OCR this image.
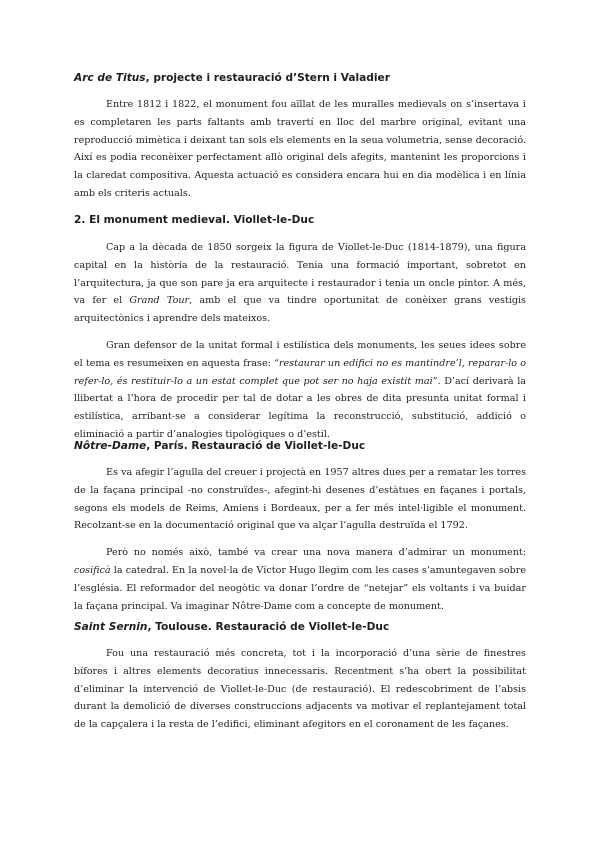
Arc de Titus, projecte i restauració d’Stern i Valadier

Entre 1812 i 1822, el monument fou aïllat de les muralles medievals on s’insertava i es completaren les parts faltants amb travertí en lloc del marbre original, evitant una reproducció mimètica i deixant tan sols els elements en la seua volumetria, sense decoració. Així es podia reconèixer perfectament allò original dels afegits, mantenint les proporcions i la claredat compositiva. Aquesta actuació es considera encara hui en dia modèlica i en línia amb els criteris actuals.

2. El monument medieval. Viollet-le-Duc

Cap a la dècada de 1850 sorgeix la figura de Viollet-le-Duc (1814-1879), una figura capital en la història de la restauració. Tenia una formació important, sobretot en l’arquitectura, ja que son pare ja era arquitecte i restaurador i tenia un oncle pintor. A més, va fer el Grand Tour, amb el que va tindre oportunitat de conèixer grans vestigis arquitectònics i aprendre dels mateixos.

Gran defensor de la unitat formal i estilística dels monuments, les seues idees sobre el tema es resumeixen en aquesta frase: “restaurar un edifici no es mantindre’l, reparar-lo o refer-lo, és restituir-lo a un estat complet que pot ser no haja existit mai”. D’ací derivarà la llibertat a l’hora de procedir per tal de dotar a les obres de dita presunta unitat formal i estilística, arribant-se a considerar legítima la reconstrucció, substitució, addició o eliminació a partir d’analogies tipològiques o d’estil.

Nôtre-Dame, París. Restauració de Viollet-le-Duc

Es va afegir l’agulla del creuer i projectà en 1957 altres dues per a rematar les torres de la façana principal -no construïdes-, afegint-hi desenes d’estàtues en façanes i portals, segons els models de Reims, Amiens i Bordeaux, per a fer més intel·ligible el monument. Recolzant-se en la documentació original que va alçar l’agulla destruïda el 1792.

Però no només això, també va crear una nova manera d’admirar un monument: cosificà la catedral. En la novel·la de Víctor Hugo llegim com les cases s’amuntegaven sobre l’església. El reformador del neogòtic va donar l’ordre de “netejar” els voltants i va buidar la façana principal. Va imaginar Nôtre-Dame com a concepte de monument.

Saint Sernin, Toulouse. Restauració de Viollet-le-Duc

Fou una restauració més concreta, tot i la incorporació d’una sèrie de finestres bífores i altres elements decoratius innecessaris. Recentment s’ha obert la possibilitat d’eliminar la intervenció de Viollet-le-Duc (de restauració). El redescobriment de l’absis durant la demolició de diverses construccions adjacents va motivar el replantejament total de la capçalera i la resta de l’edifici, eliminant afegitors en el coronament de les façanes.
